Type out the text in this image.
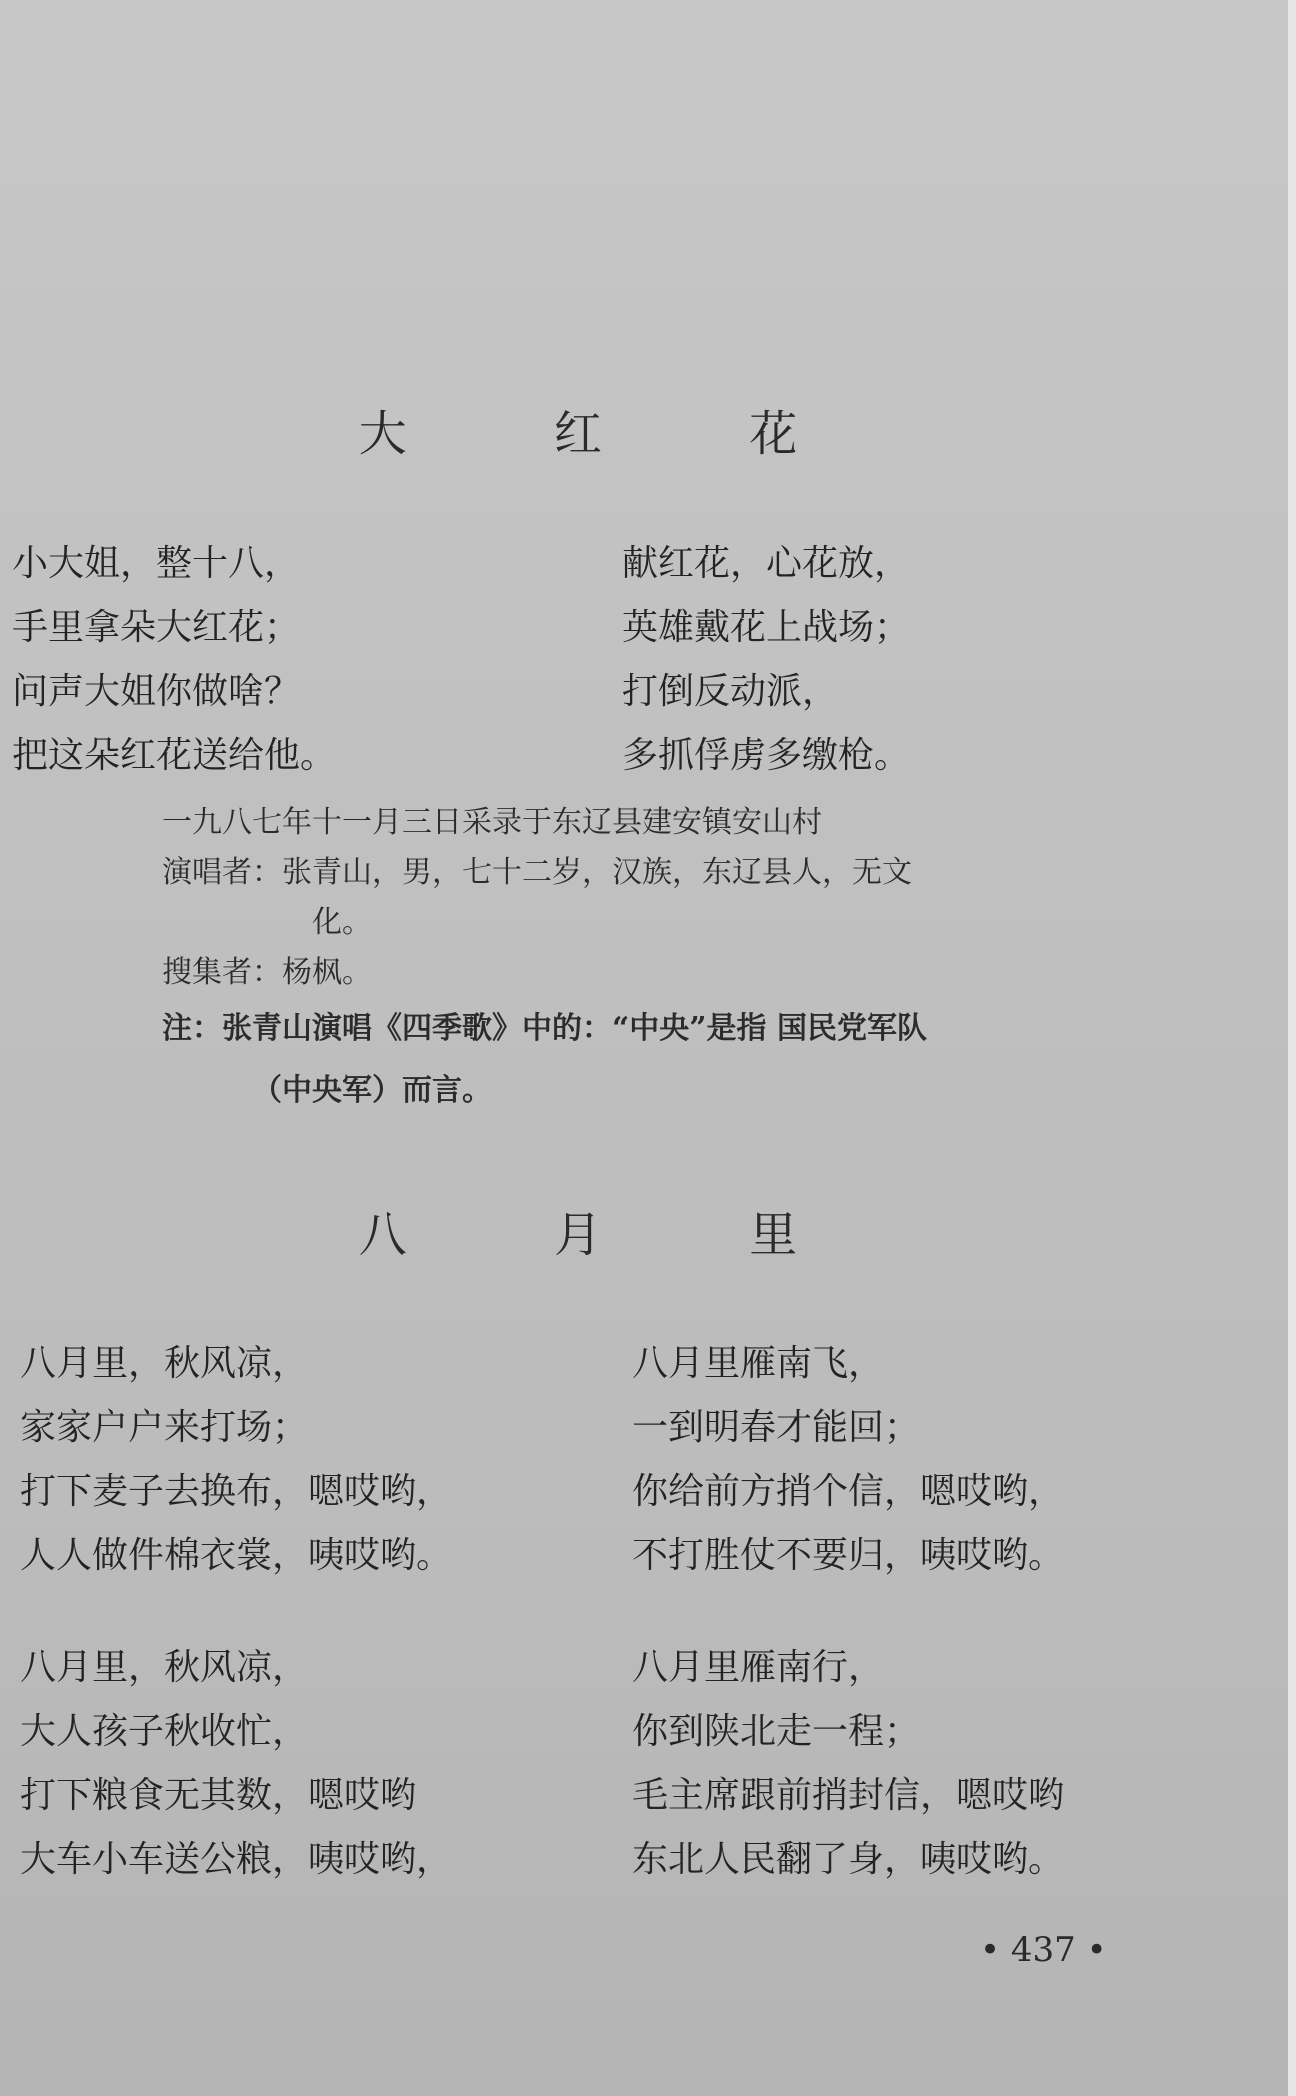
大	红	花
小大姐，整十八，
手里拿朵大红花；
问声大姐你做啥？
把这朵红花送给他。
献红花，心花放，
英雄戴花上战场；
打倒反动派，
多抓俘虏多缴枪。
一九八七年十一月三日采录于东辽县建安镇安山村
演唱者：张青山，男，七十二岁，汉族，东辽县人，无文
化。
搜集者：杨枫。
注：张青山演唱《四季歌》中的：“中央”是指 国民党军队
（中央军）而言。
八	月	里
八月里，秋风凉，
家家户户来打场；
打下麦子去换布，嗯哎哟，
人人做件棉衣裳，咦哎哟。
八月里，秋风凉，
大人孩子秋收忙，
打下粮食无其数，嗯哎哟
大车小车送公粮，咦哎哟，
八月里雁南飞，
一到明春才能回；
你给前方捎个信，嗯哎哟，
不打胜仗不要归，咦哎哟。
八月里雁南行，
你到陕北走一程；
毛主席跟前捎封信，嗯哎哟
东北人民翻了身，咦哎哟。
• 437 •
